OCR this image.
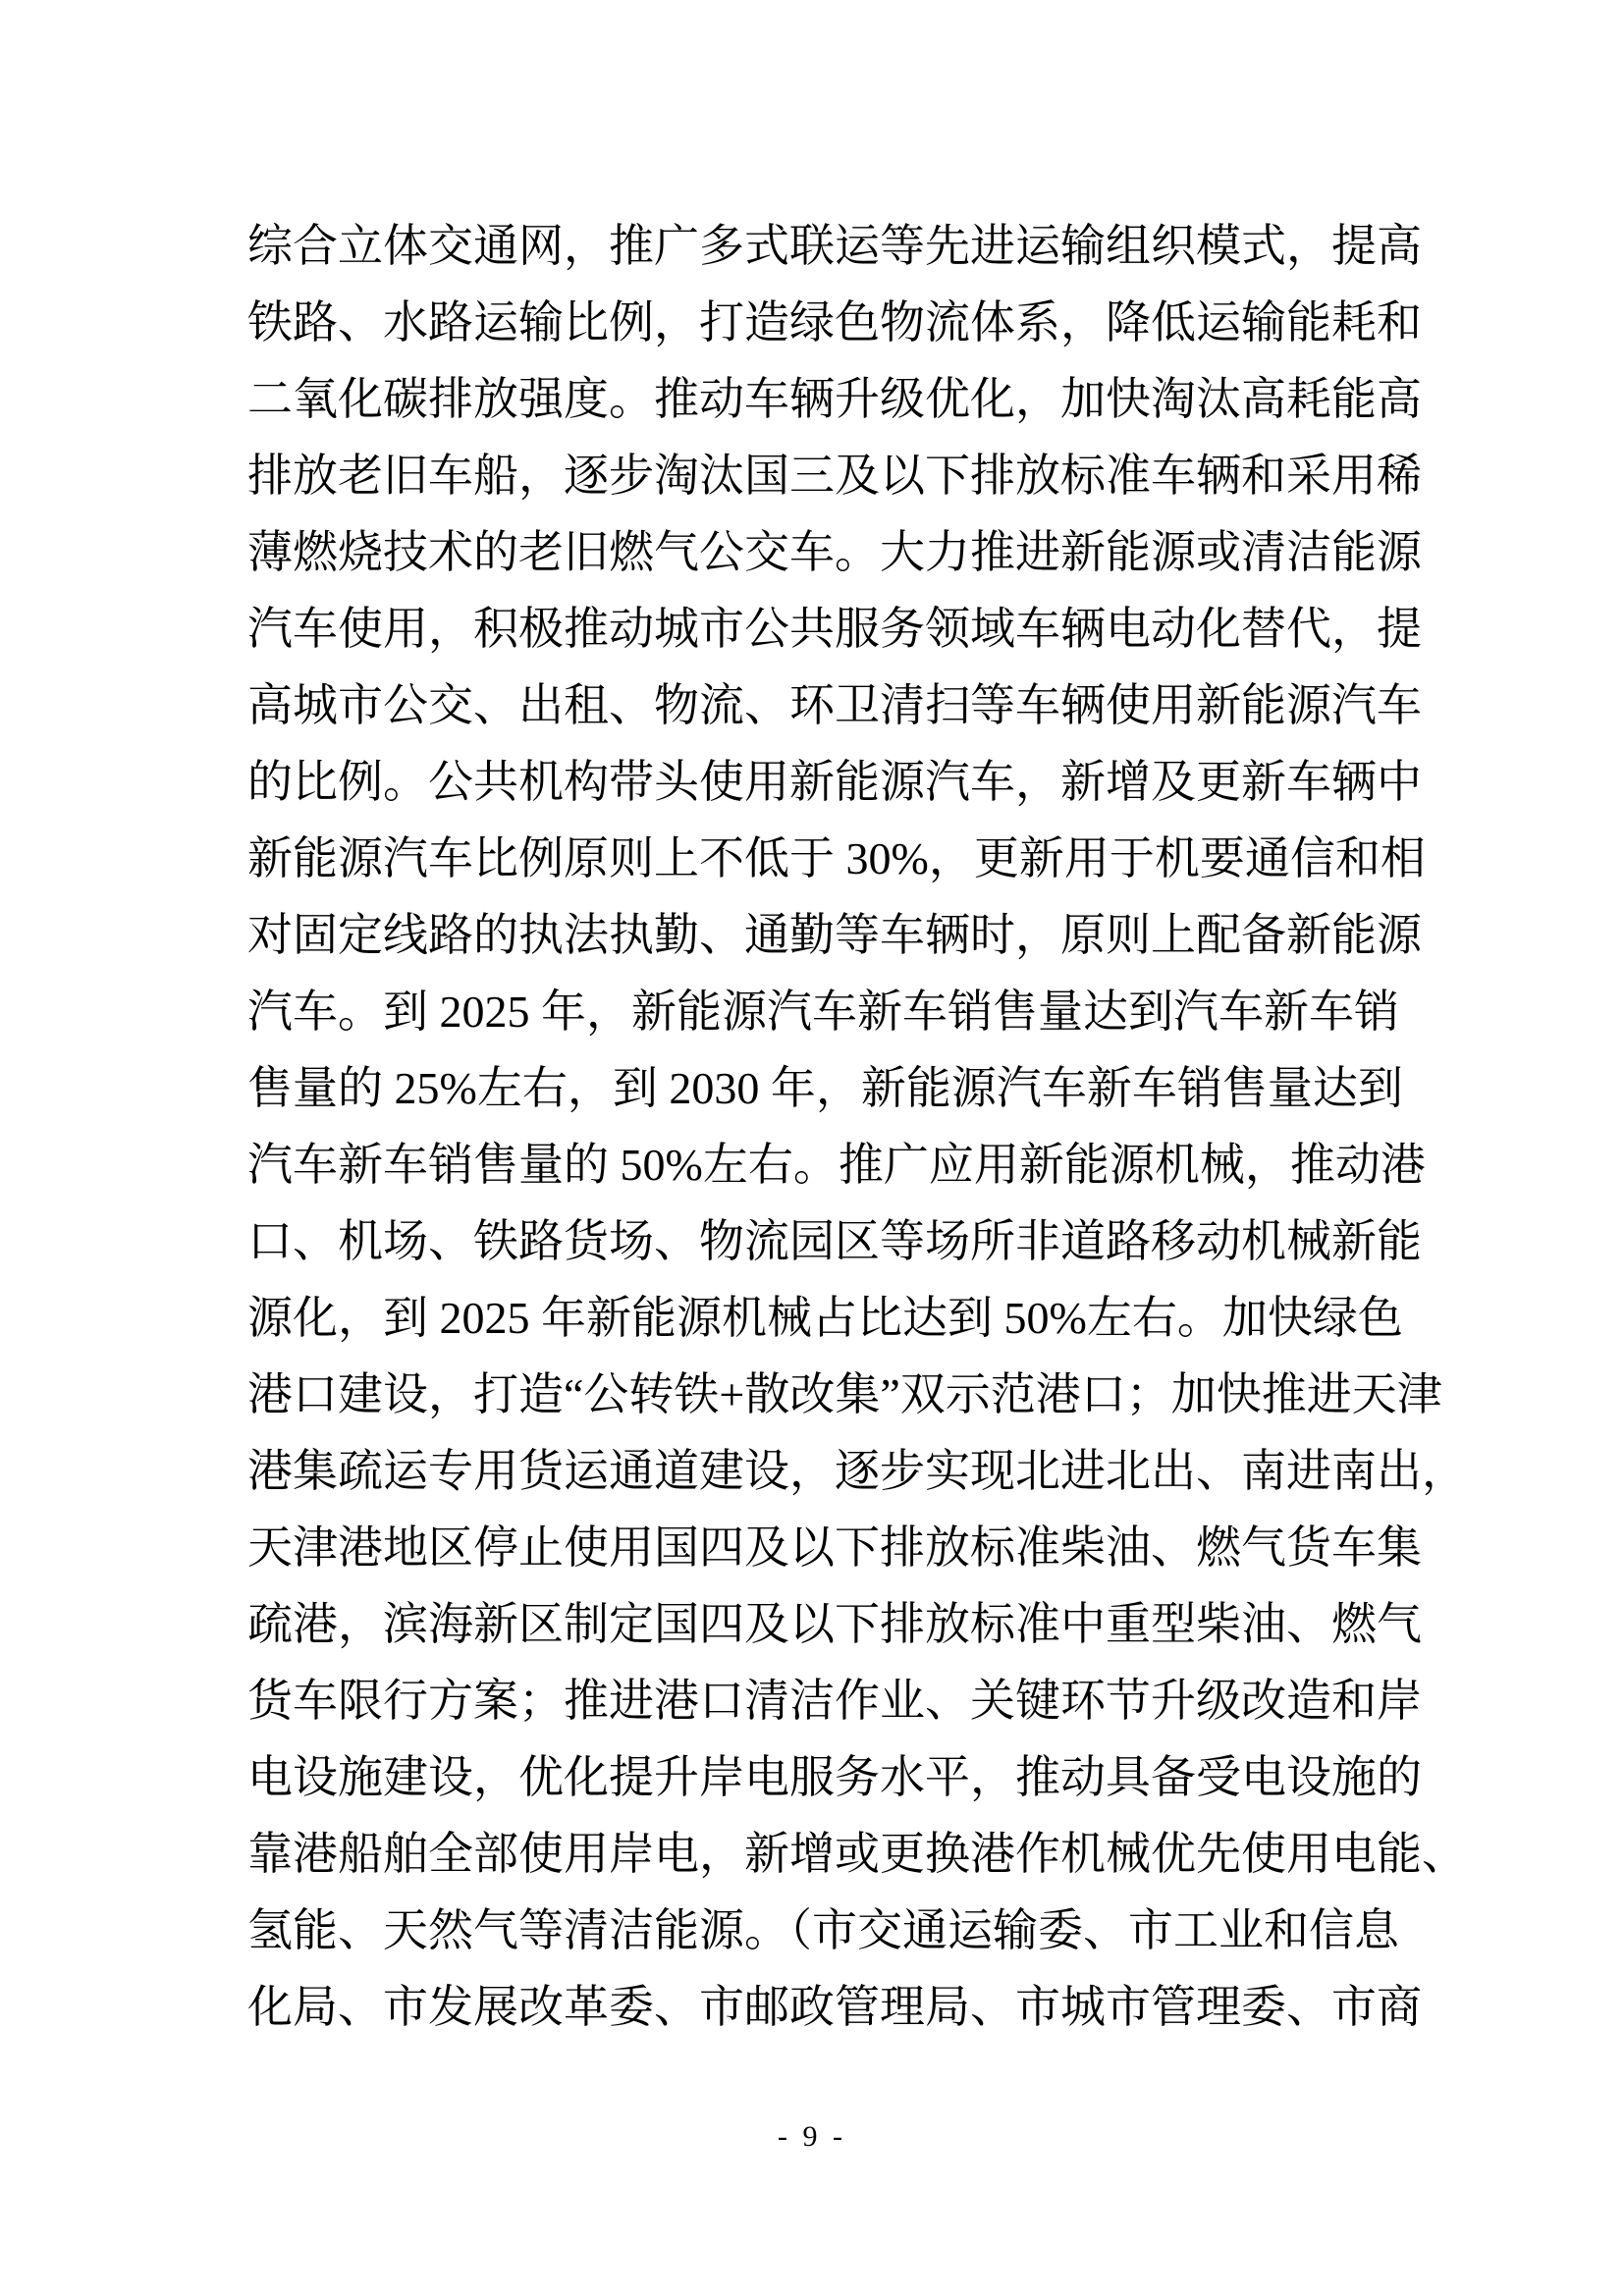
综合立体交通网，推广多式联运等先进运输组织模式，提高

铁路、水路运输比例，打造绿色物流体系，降低运输能耗和

二氧化碳排放强度。推动车辆升级优化，加快淘汰高耗能高

排放老旧车船，逐步淘汰国三及以下排放标准车辆和采用稀

薄燃烧技术的老旧燃气公交车。大力推进新能源或清洁能源

汽车使用，积极推动城市公共服务领域车辆电动化替代，提

高城市公交、出租、物流、环卫清扫等车辆使用新能源汽车

的比例。公共机构带头使用新能源汽车，新增及更新车辆中

新能源汽车比例原则上不低于 30%，更新用于机要通信和相

对固定线路的执法执勤、通勤等车辆时，原则上配备新能源

汽车。到 2025 年，新能源汽车新车销售量达到汽车新车销

售量的 25%左右，到 2030 年，新能源汽车新车销售量达到

汽车新车销售量的 50%左右。推广应用新能源机械，推动港

口、机场、铁路货场、物流园区等场所非道路移动机械新能

源化，到 2025 年新能源机械占比达到 50%左右。加快绿色

港口建设，打造“公转铁+散改集”双示范港口；加快推进天津

港集疏运专用货运通道建设，逐步实现北进北出、南进南出，

天津港地区停止使用国四及以下排放标准柴油、燃气货车集

疏港，滨海新区制定国四及以下排放标准中重型柴油、燃气

货车限行方案；推进港口清洁作业、关键环节升级改造和岸

电设施建设，优化提升岸电服务水平，推动具备受电设施的

靠港船舶全部使用岸电，新增或更换港作机械优先使用电能、

氢能、天然气等清洁能源。（市交通运输委、市工业和信息

化局、市发展改革委、市邮政管理局、市城市管理委、市商

- 9 -
